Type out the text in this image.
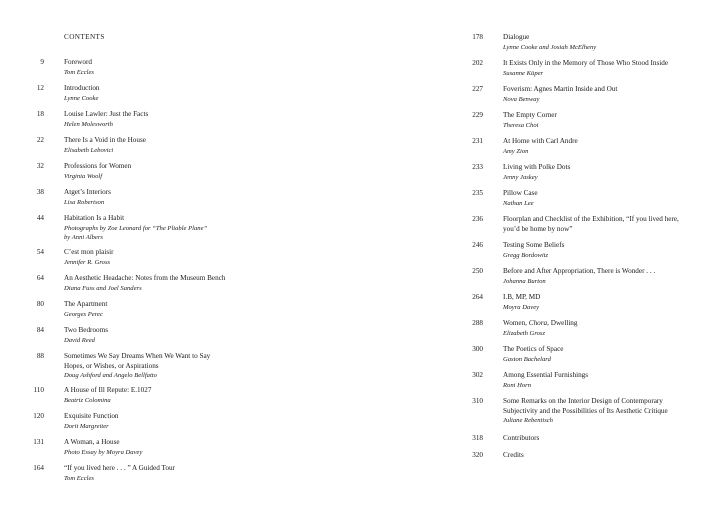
CONTENTS
9	Foreword
Tom Eccles
12	Introduction
Lynne Cooke
18	Louise Lawler: Just the Facts
Helen Molesworth
22	There Is a Void in the House
Elisabeth Lebovici
32	Professions for Women
Virginia Woolf
38	Atget’s Interiors
Lisa Robertson
44	Habitation Is a Habit
Photographs by Zoe Leonard for “The Pliable Plane”
by Anni Albers
54	C’est mon plaisir
Jennifer R. Gross
64	An Aesthetic Headache: Notes from the Museum Bench
Diana Fuss and Joel Sanders
80	The Apartment
Georges Perec
84	Two Bedrooms
David Reed
88	Sometimes We Say Dreams When We Want to Say
Hopes, or Wishes, or Aspirations
Doug Ashford and Angelo Bellfatto
110	A House of Ill Repute: E.1027
Beatriz Colomina
120	Exquisite Function
Dorit Margreiter
131	A Woman, a House
Photo Essay by Moyra Davey
164	“If you lived here . . . ” A Guided Tour
Tom Eccles
178	Dialogue
Lynne Cooke and Josiah McElheny
202	It Exists Only in the Memory of Those Who Stood Inside
Susanne Küper
227	Foverism: Agnes Martin Inside and Out
Nova Benway
229	The Empty Corner
Theresa Choi
231	At Home with Carl Andre
Amy Zion
233	Living with Polke Dots
Jenny Jaskey
235	Pillow Case
Nathan Lee
236	Floorplan and Checklist of the Exhibition, “If you lived here,
you’d be home by now”
246	Testing Some Beliefs
Gregg Bordowitz
250	Before and After Appropriation, There is Wonder . . .
Johanna Burton
264	I.B, MP, MD
Moyra Davey
288	Women, Chora, Dwelling
Elizabeth Grosz
300	The Poetics of Space
Gaston Bachelard
302	Among Essential Furnishings
Roni Horn
310	Some Remarks on the Interior Design of Contemporary
Subjectivity and the Possibilities of Its Aesthetic Critique
Juliane Rebentisch
318	Contributors
320	Credits
